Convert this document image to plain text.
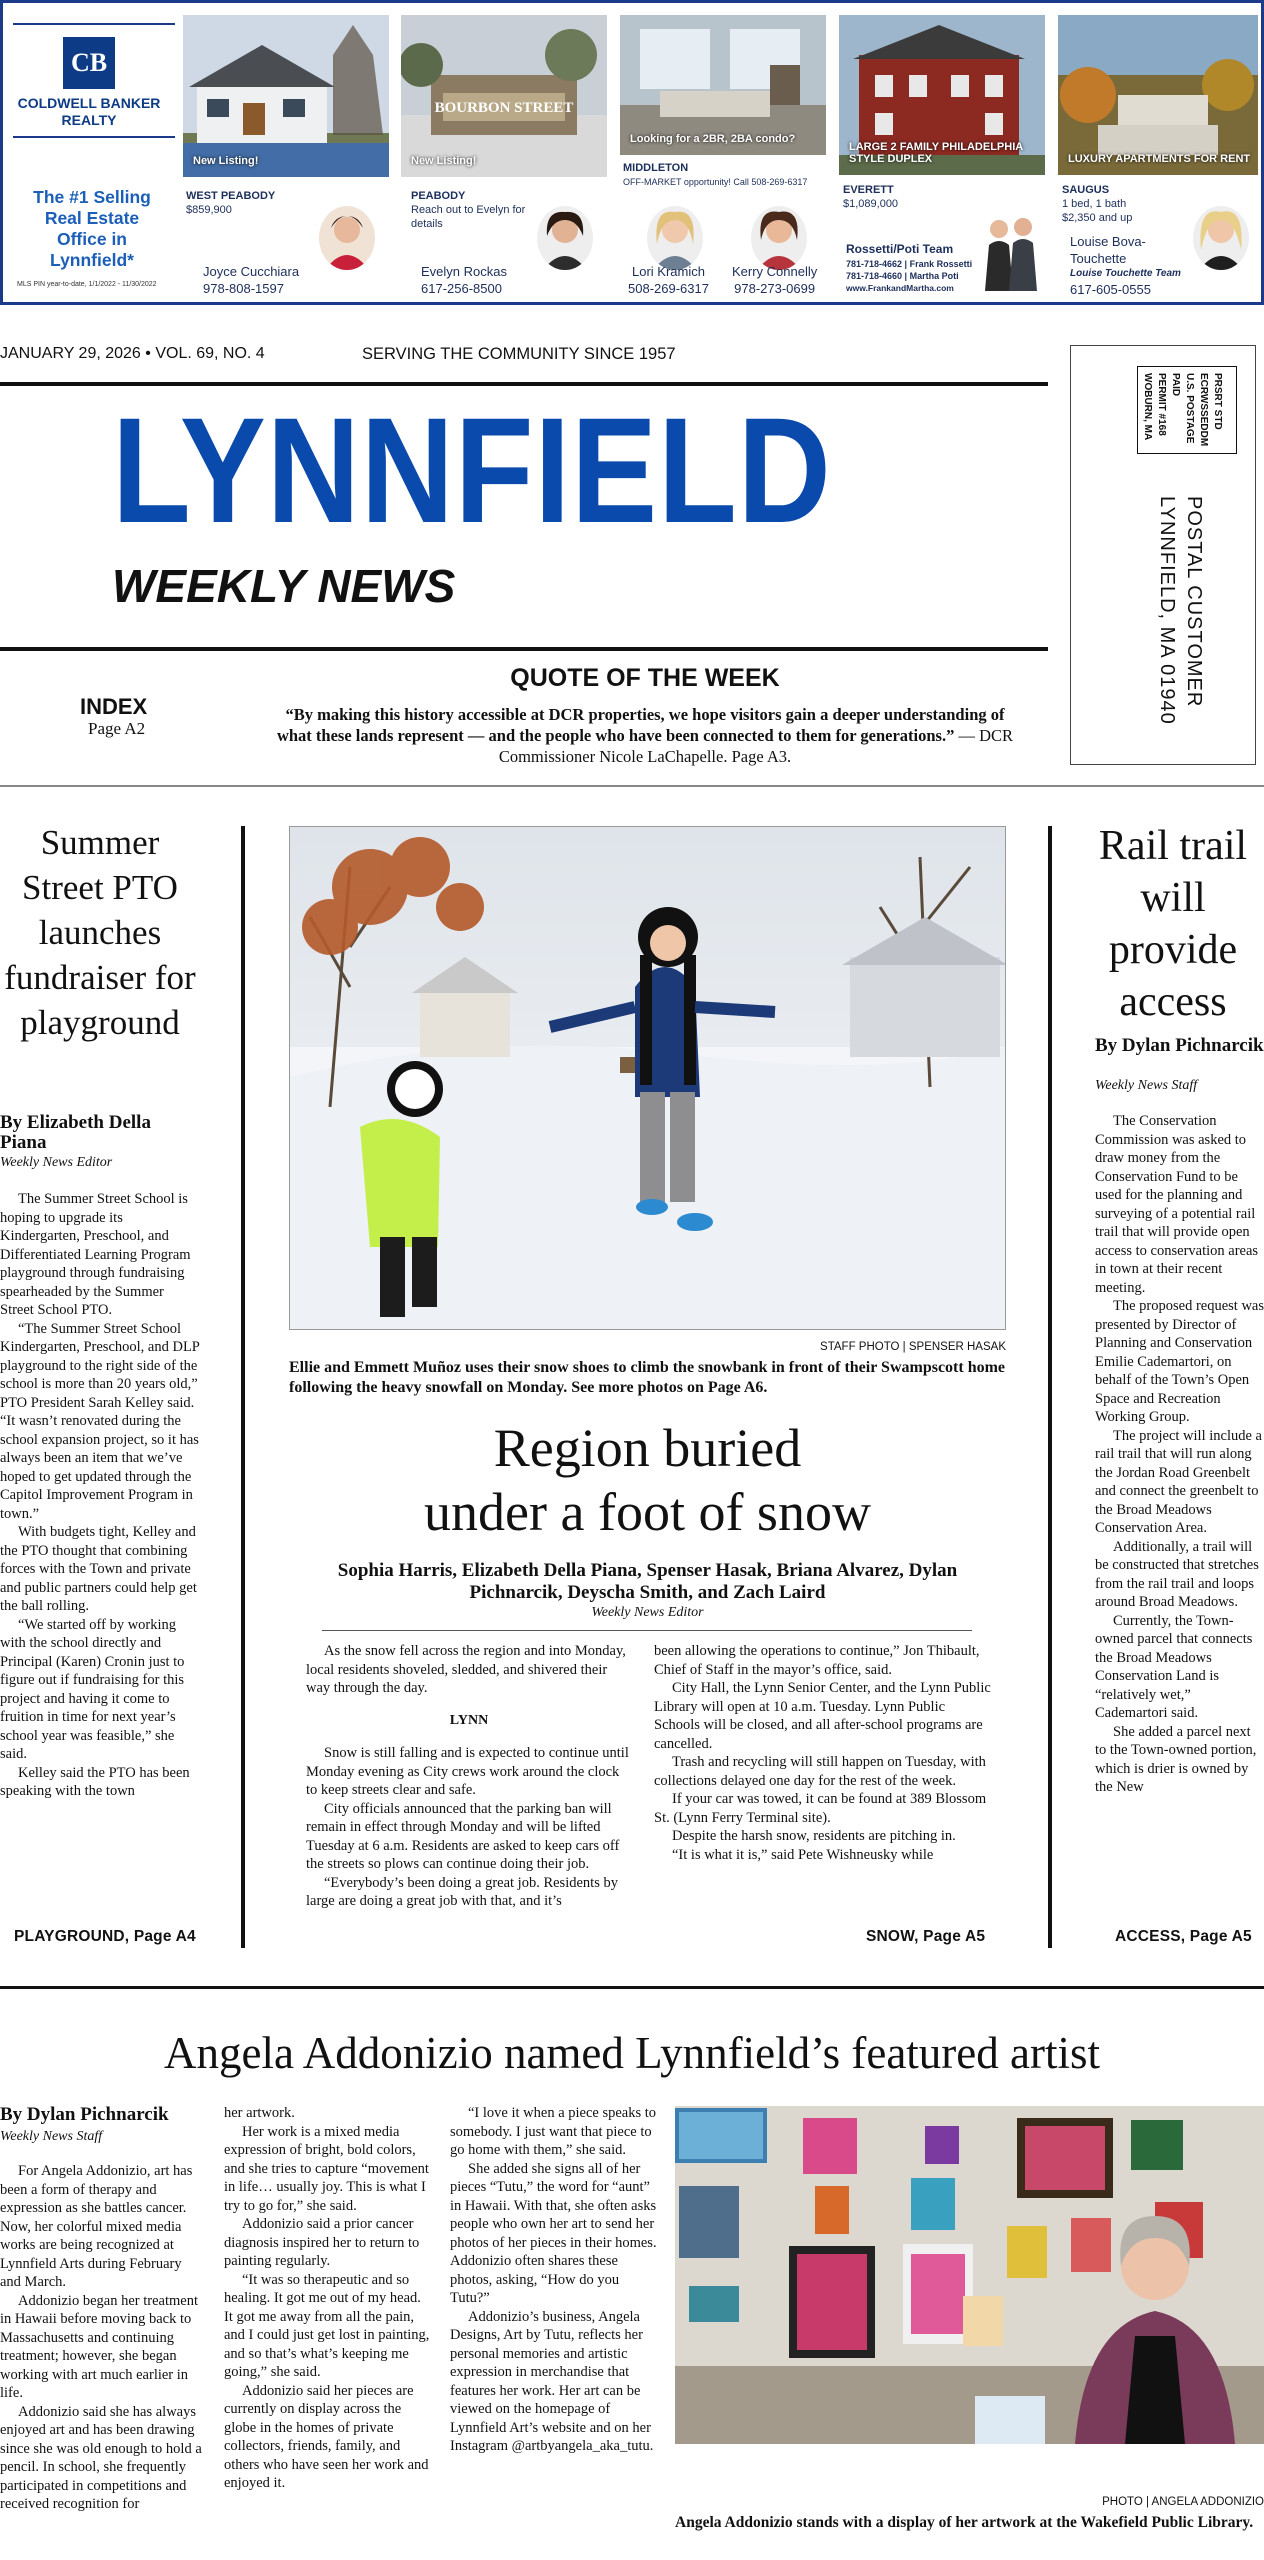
CB
COLDWELL BANKER
REALTY
The #1 Selling Real Estate Office in Lynnfield*
MLS PIN year-to-date, 1/1/2022 - 11/30/2022
New Listing!
WEST PEABODY
$859,900
Joyce Cucchiara
978-808-1597
BOURBON STREET
New Listing!
PEABODY
Reach out to Evelyn for details
Evelyn Rockas
617-256-8500
Looking for a 2BR, 2BA condo?
MIDDLETON
OFF-MARKET opportunity! Call 508-269-6317
Lori Kramich
508-269-6317
Kerry Connelly
978-273-0699
LARGE 2 FAMILY PHILADELPHIA STYLE DUPLEX
EVERETT
$1,089,000
Rossetti/Poti Team
781-718-4662 | Frank Rossetti
781-718-4660 | Martha Poti
www.FrankandMartha.com
LUXURY APARTMENTS FOR RENT
SAUGUS
1 bed, 1 bath
$2,350 and up
Louise Bova-Touchette
Louise Touchette Team
617-605-0555
JANUARY 29, 2026 • VOL. 69, NO. 4	SERVING THE COMMUNITY SINCE 1957
LYNNFIELD
WEEKLY NEWS
PRSRT STD
ECRWSSEDDM
U.S. POSTAGE
PAID
PERMIT #168
WOBURN, MA
POSTAL CUSTOMER
LYNNFIELD, MA 01940
INDEX
Page A2
QUOTE OF THE WEEK
“By making this history accessible at DCR properties, we hope visitors gain a deeper understanding of what these lands represent — and the people who have been connected to them for generations.” — DCR Commissioner Nicole LaChapelle. Page A3.
Summer Street PTO launches fundraiser for playground
By Elizabeth Della Piana
Weekly News Editor

The Summer Street School is hoping to upgrade its Kindergarten, Preschool, and Differentiated Learning Program playground through fundraising spearheaded by the Summer Street School PTO.

“The Summer Street School Kindergarten, Preschool, and DLP playground to the right side of the school is more than 20 years old,” PTO President Sarah Kelley said. “It wasn’t renovated during the school expansion project, so it has always been an item that we’ve hoped to get updated through the Capitol Improvement Program in town.”

With budgets tight, Kelley and the PTO thought that combining forces with the Town and private and public partners could help get the ball rolling.

“We started off by working with the school directly and Principal (Karen) Cronin just to figure out if fundraising for this project and having it come to fruition in time for next year’s school year was feasible,” she said.

Kelley said the PTO has been speaking with the town

PLAYGROUND, Page A4
STAFF PHOTO | SPENSER HASAK
Ellie and Emmett Muñoz uses their snow shoes to climb the snowbank in front of their Swampscott home following the heavy snowfall on Monday. See more photos on Page A6.
Region buried
under a foot of snow
Sophia Harris, Elizabeth Della Piana, Spenser Hasak, Briana Alvarez, Dylan Pichnarcik, Deyscha Smith, and Zach Laird
Weekly News Editor

As the snow fell across the region and into Monday, local residents shoveled, sledded, and shivered their way through the day.

LYNN

Snow is still falling and is expected to continue until Monday evening as City crews work around the clock to keep streets clear and safe.

City officials announced that the parking ban will remain in effect through Monday and will be lifted Tuesday at 6 a.m. Residents are asked to keep cars off the streets so plows can continue doing their job.

“Everybody’s been doing a great job. Residents by large are doing a great job with that, and it’s

been allowing the operations to continue,” Jon Thibault, Chief of Staff in the mayor’s office, said.

City Hall, the Lynn Senior Center, and the Lynn Public Library will open at 10 a.m. Tuesday. Lynn Public Schools will be closed, and all after-school programs are cancelled.

Trash and recycling will still happen on Tuesday, with collections delayed one day for the rest of the week.

If your car was towed, it can be found at 389 Blossom St. (Lynn Ferry Terminal site).

Despite the harsh snow, residents are pitching in.

“It is what it is,” said Pete Wishneusky while

SNOW, Page A5
Rail trail will provide access
By Dylan Pichnarcik
Weekly News Staff

The Conservation Commission was asked to draw money from the Conservation Fund to be used for the planning and surveying of a potential rail trail that will provide open access to conservation areas in town at their recent meeting.

The proposed request was presented by Director of Planning and Conservation Emilie Cademartori, on behalf of the Town’s Open Space and Recreation Working Group.

The project will include a rail trail that will run along the Jordan Road Greenbelt and connect the greenbelt to the Broad Meadows Conservation Area.

Additionally, a trail will be constructed that stretches from the rail trail and loops around Broad Meadows.

Currently, the Town-owned parcel that connects the Broad Meadows Conservation Land is “relatively wet,” Cademartori said.

She added a parcel next to the Town-owned portion, which is drier is owned by the New

ACCESS, Page A5
Angela Addonizio named Lynnfield’s featured artist
By Dylan Pichnarcik
Weekly News Staff

For Angela Addonizio, art has been a form of therapy and expression as she battles cancer. Now, her colorful mixed media works are being recognized at Lynnfield Arts during February and March.

Addonizio began her treatment in Hawaii before moving back to Massachusetts and continuing treatment; however, she began working with art much earlier in life.

Addonizio said she has always enjoyed art and has been drawing since she was old enough to hold a pencil. In school, she frequently participated in competitions and received recognition for

her artwork.

Her work is a mixed media expression of bright, bold colors, and she tries to capture “movement in life… usually joy. This is what I try to go for,” she said.

Addonizio said a prior cancer diagnosis inspired her to return to painting regularly.

“It was so therapeutic and so healing. It got me out of my head. It got me away from all the pain, and I could just get lost in painting, and so that’s what’s keeping me going,” she said.

Addonizio said her pieces are currently on display across the globe in the homes of private collectors, friends, family, and others who have seen her work and enjoyed it.

“I love it when a piece speaks to somebody. I just want that piece to go home with them,” she said.

She added she signs all of her pieces “Tutu,” the word for “aunt” in Hawaii. With that, she often asks people who own her art to send her photos of her pieces in their homes. Addonizio often shares these photos, asking, “How do you Tutu?”

Addonizio’s business, Angela Designs, Art by Tutu, reflects her personal memories and artistic expression in merchandise that features her work. Her art can be viewed on the homepage of Lynnfield Art’s website and on her Instagram @artbyangela_aka_tutu.

PHOTO | ANGELA ADDONIZIO
Angela Addonizio stands with a display of her artwork at the Wakefield Public Library.
